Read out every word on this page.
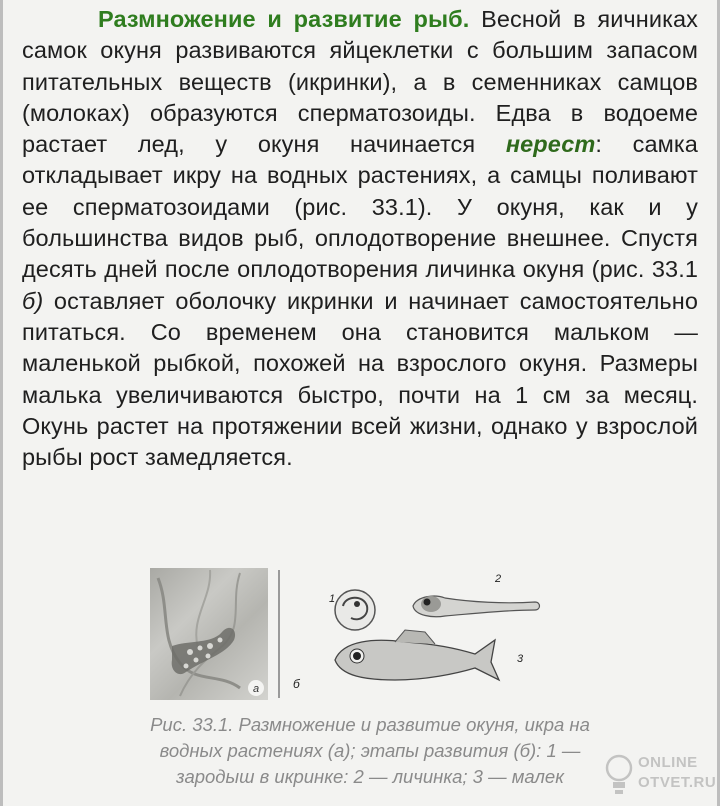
Размножение и развитие рыб. Весной в яичниках самок окуня развиваются яйцеклетки с большим запасом питательных веществ (икринки), а в семенниках самцов (молоках) образуются сперматозоиды. Едва в водоеме растает лед, у окуня начинается нерест: самка откладывает икру на водных растениях, а самцы поливают ее сперматозоидами (рис. 33.1). У окуня, как и у большинства видов рыб, оплодотворение внешнее. Спустя десять дней после оплодотворения личинка окуня (рис. 33.1 б) оставляет оболочку икринки и начинает самостоятельно питаться. Со временем она становится мальком — маленькой рыбкой, похожей на взрослого окуня. Размеры малька увеличиваются быстро, почти на 1 см за месяц. Окунь растет на протяжении всей жизни, однако у взрослой рыбы рост замедляется.

а	б
1
2
3
Рис. 33.1. Размножение и развитие окуня, икра на
водных растениях (а); этапы развития (б): 1 —
зародыш в икринке: 2 — личинка; 3 — малек
ONLINE
OTVET.RU
